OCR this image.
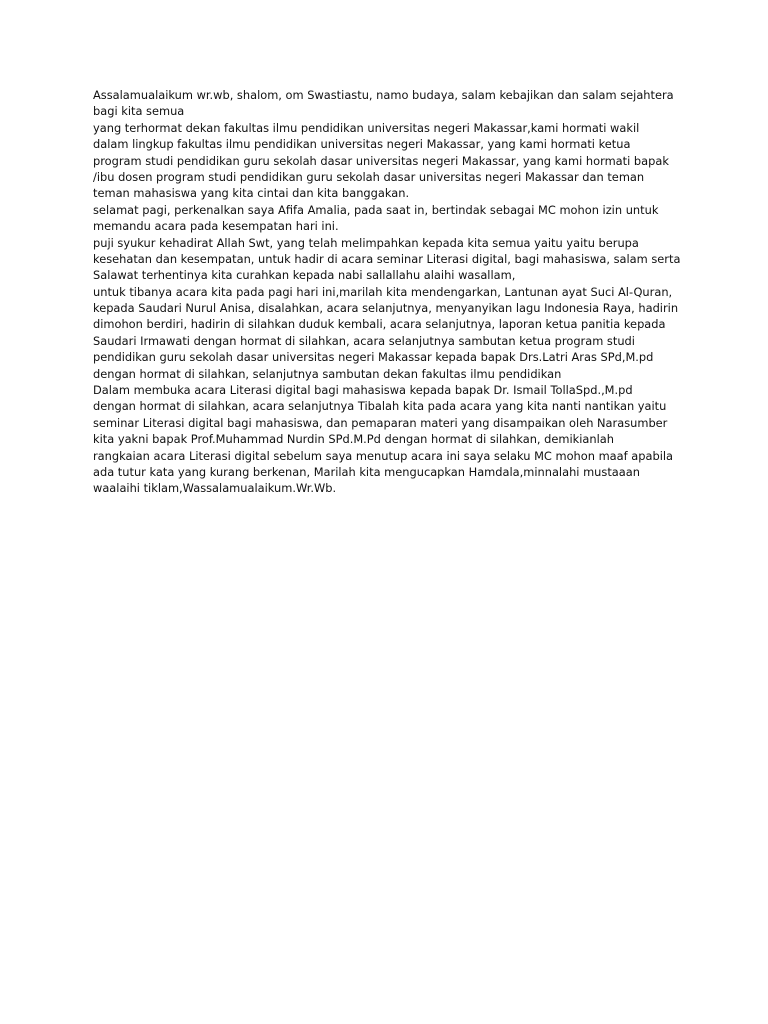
Assalamualaikum wr.wb, shalom, om Swastiastu, namo budaya, salam kebajikan dan salam sejahtera
bagi kita semua
yang terhormat dekan fakultas ilmu pendidikan universitas negeri Makassar,kami hormati wakil
dalam lingkup fakultas ilmu pendidikan universitas negeri Makassar, yang kami hormati ketua
program studi pendidikan guru sekolah dasar universitas negeri Makassar, yang kami hormati bapak
/ibu dosen program studi pendidikan guru sekolah dasar universitas negeri Makassar dan teman
teman mahasiswa yang kita cintai dan kita banggakan.
selamat pagi, perkenalkan saya Afifa Amalia, pada saat in, bertindak sebagai MC mohon izin untuk
memandu acara pada kesempatan hari ini.
puji syukur kehadirat Allah Swt, yang telah melimpahkan kepada kita semua yaitu yaitu berupa
kesehatan dan kesempatan, untuk hadir di acara seminar Literasi digital, bagi mahasiswa, salam serta
Salawat terhentinya kita curahkan kepada nabi sallallahu alaihi wasallam,
untuk tibanya acara kita pada pagi hari ini,marilah kita mendengarkan, Lantunan ayat Suci Al-Quran,
kepada Saudari Nurul Anisa, disalahkan, acara selanjutnya, menyanyikan lagu Indonesia Raya, hadirin
dimohon berdiri, hadirin di silahkan duduk kembali, acara selanjutnya, laporan ketua panitia kepada
Saudari Irmawati dengan hormat di silahkan, acara selanjutnya sambutan ketua program studi
pendidikan guru sekolah dasar universitas negeri Makassar kepada bapak Drs.Latri Aras SPd,M.pd
dengan hormat di silahkan, selanjutnya sambutan dekan fakultas ilmu pendidikan
Dalam membuka acara Literasi digital bagi mahasiswa kepada bapak Dr. Ismail TollaSpd.,M.pd
dengan hormat di silahkan, acara selanjutnya Tibalah kita pada acara yang kita nanti nantikan yaitu
seminar Literasi digital bagi mahasiswa, dan pemaparan materi yang disampaikan oleh Narasumber
kita yakni bapak Prof.Muhammad Nurdin SPd.M.Pd dengan hormat di silahkan, demikianlah
rangkaian acara Literasi digital sebelum saya menutup acara ini saya selaku MC mohon maaf apabila
ada tutur kata yang kurang berkenan, Marilah kita mengucapkan Hamdala,minnalahi mustaaan
waalaihi tiklam,Wassalamualaikum.Wr.Wb.
